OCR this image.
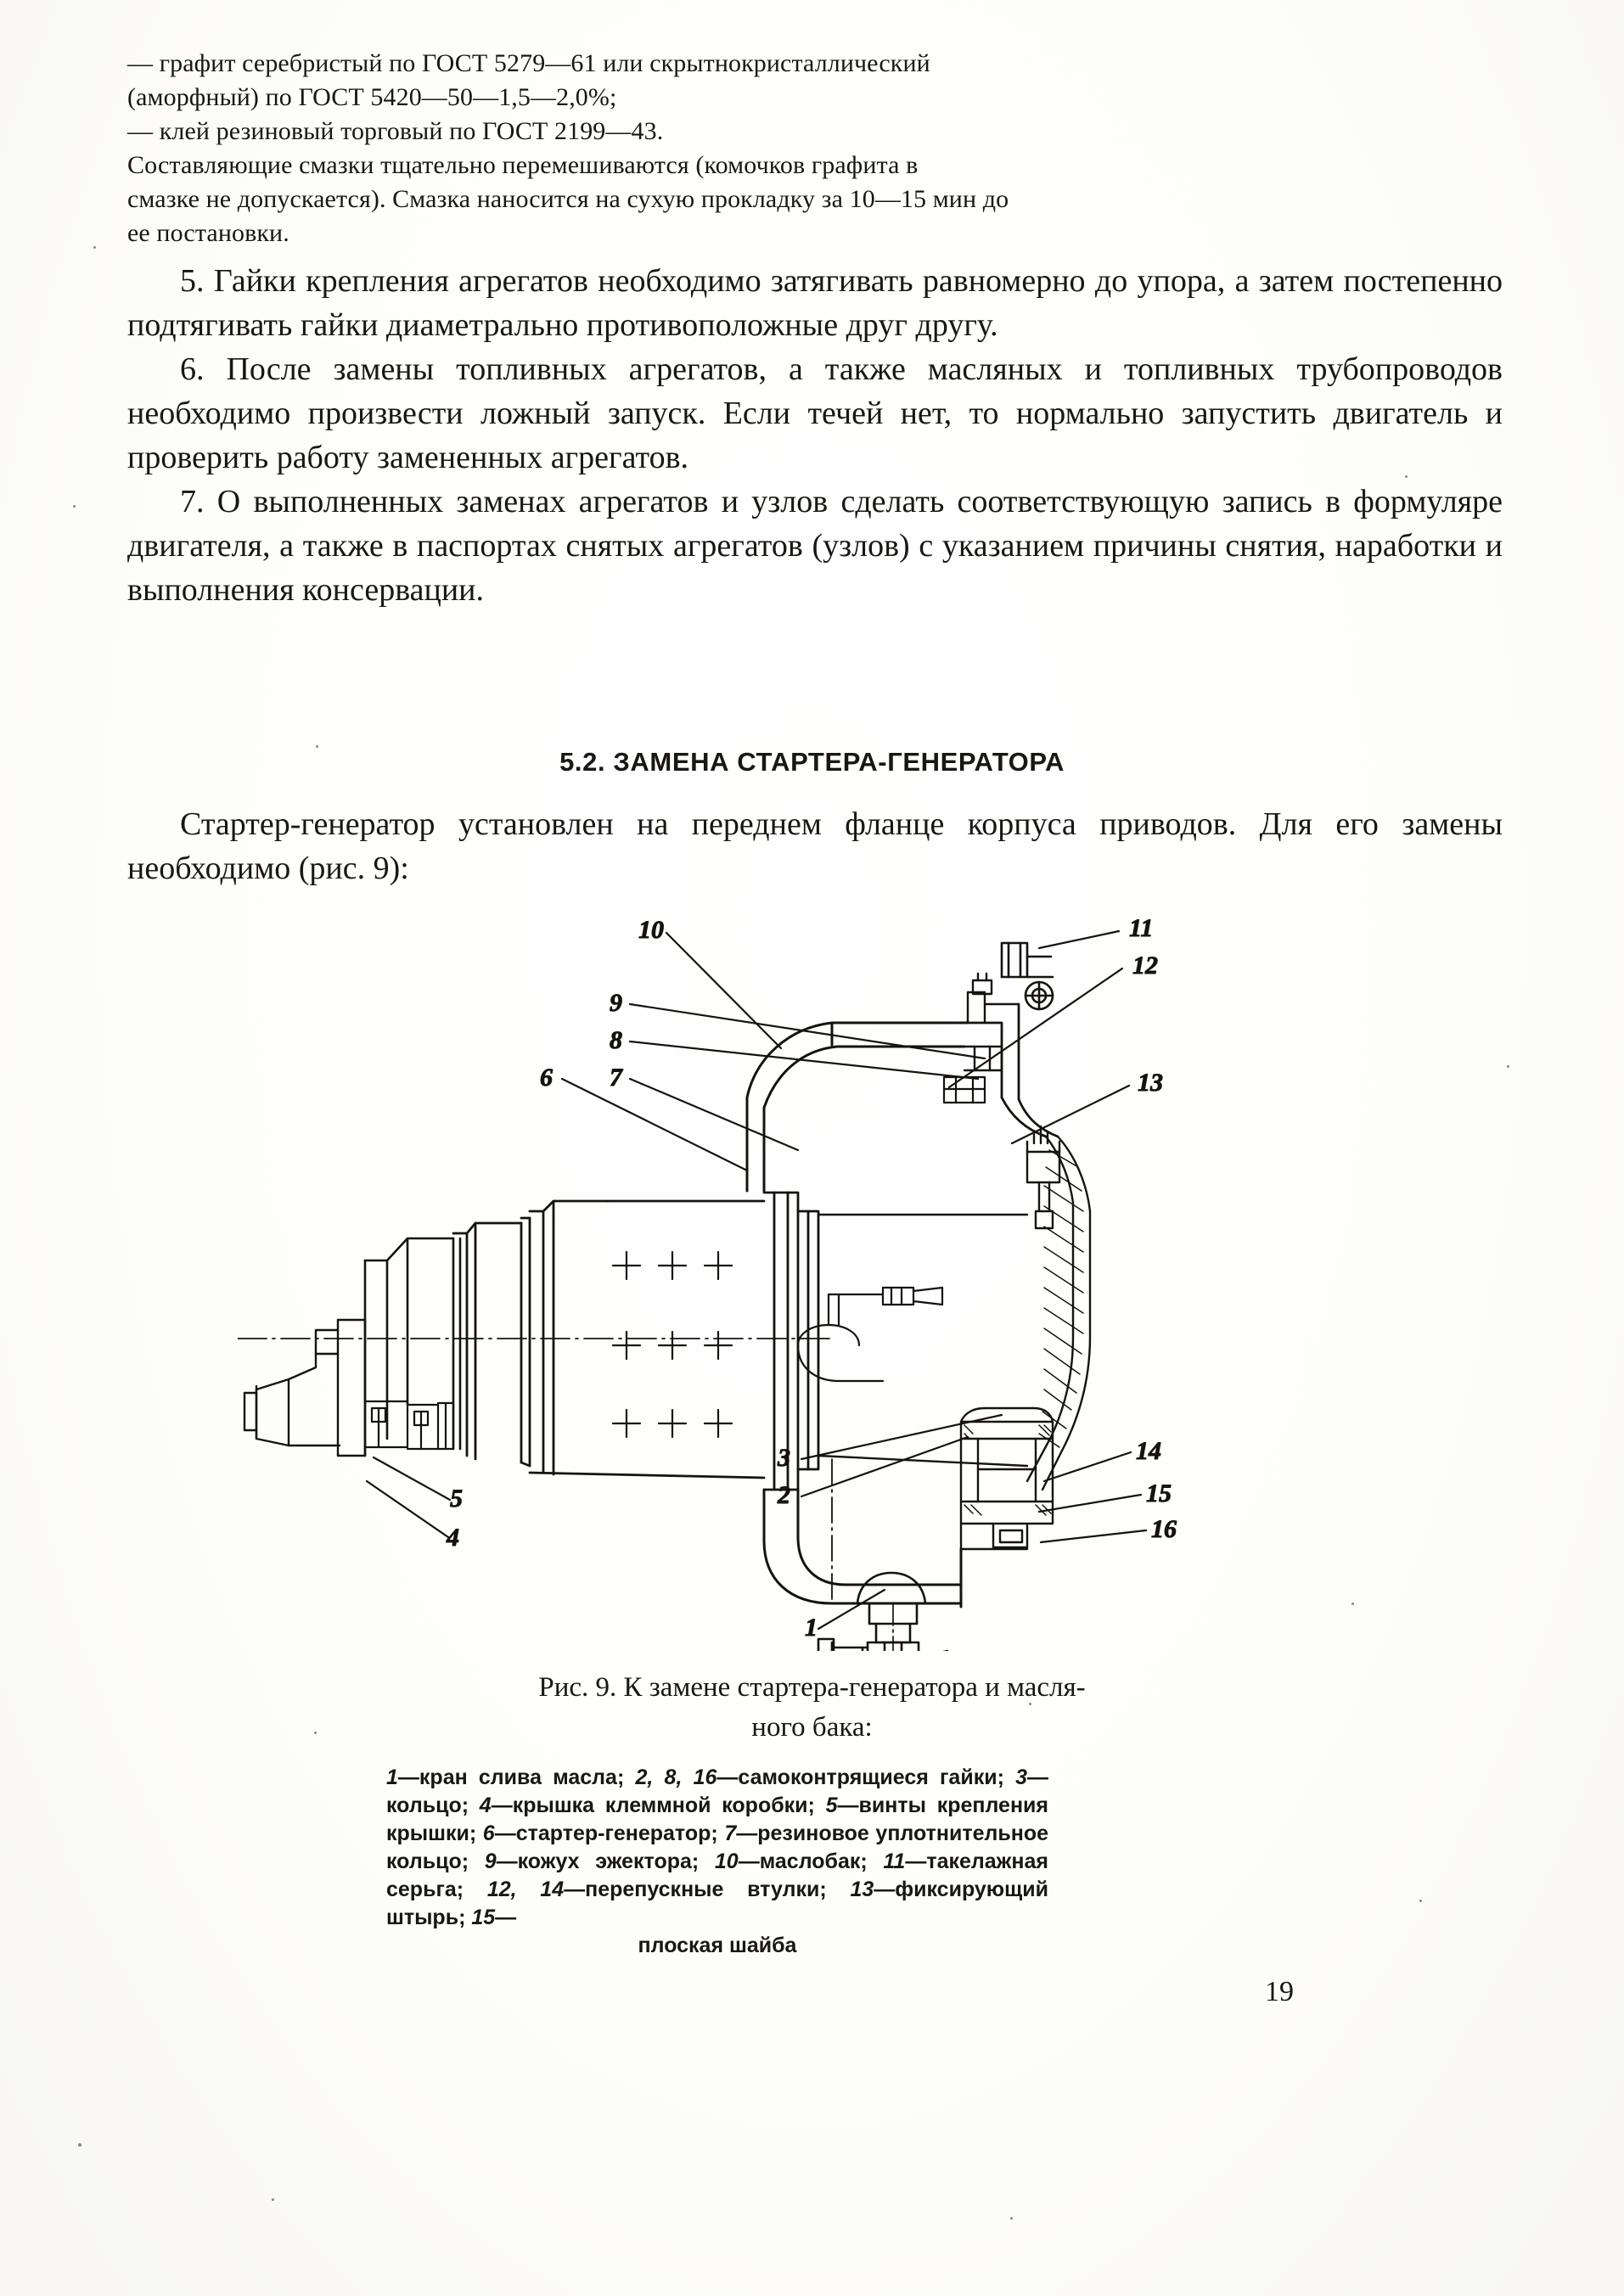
— графит серебристый по ГОСТ 5279—61 или скрытнокристаллический

(аморфный) по ГОСТ 5420—50—1,5—2,0%;

— клей резиновый торговый по ГОСТ 2199—43.

Составляющие смазки тщательно перемешиваются (комочков графита в

смазке не допускается). Смазка наносится на сухую прокладку за 10—15 мин до

ее постановки.

5. Гайки крепления агрегатов необходимо затягивать равномерно до упора, а затем постепенно подтягивать гайки диаметрально противоположные друг другу.

6. После замены топливных агрегатов, а также масляных и топливных трубопроводов необходимо произвести ложный запуск. Если течей нет, то нормально запустить двигатель и проверить работу замененных агрегатов.

7. О выполненных заменах агрегатов и узлов сделать соответствующую запись в формуляре двигателя, а также в паспортах снятых агрегатов (узлов) с указанием причины снятия, наработки и выполнения консервации.

5.2. ЗАМЕНА СТАРТЕРА-ГЕНЕРАТОРА

Стартер-генератор установлен на переднем фланце корпуса приводов. Для его замены необходимо (рис. 9):

10	11
12
9
8
6 7	13
3
2
14
15
16
5
4
1
Рис. 9. К замене стартера-генератора и масля-
ного бака:
1—кран слива масла; 2, 8, 16—самоконтрящиеся гайки; 3—кольцо; 4—крышка клеммной коробки; 5—винты крепления крышки; 6—стартер-генератор; 7—резиновое уплотнительное кольцо; 9—кожух эжектора; 10—маслобак; 11—такелажная серьга; 12, 14—перепускные втулки; 13—фиксирующий штырь; 15—
плоская шайба
19
